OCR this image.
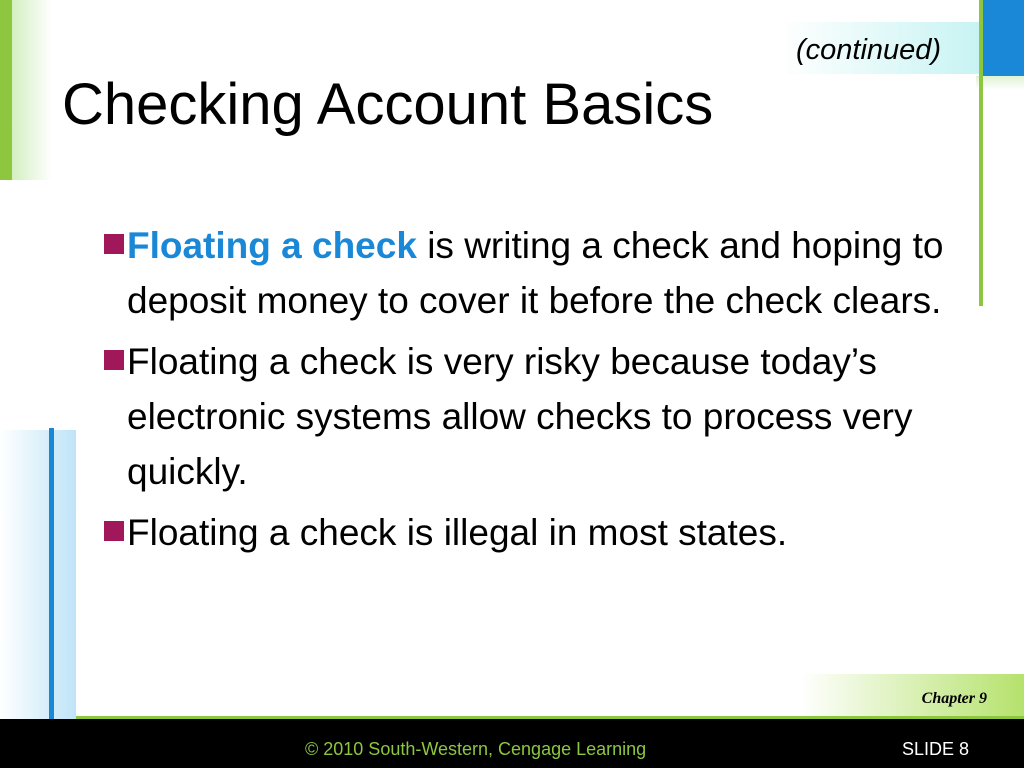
(continued)
Checking Account Basics
Floating a check is writing a check and hoping to deposit money to cover it before the check clears.
Floating a check is very risky because today’s electronic systems allow checks to process very quickly.
Floating a check is illegal in most states.
Chapter 9
© 2010 South-Western, Cengage Learning	SLIDE 8
